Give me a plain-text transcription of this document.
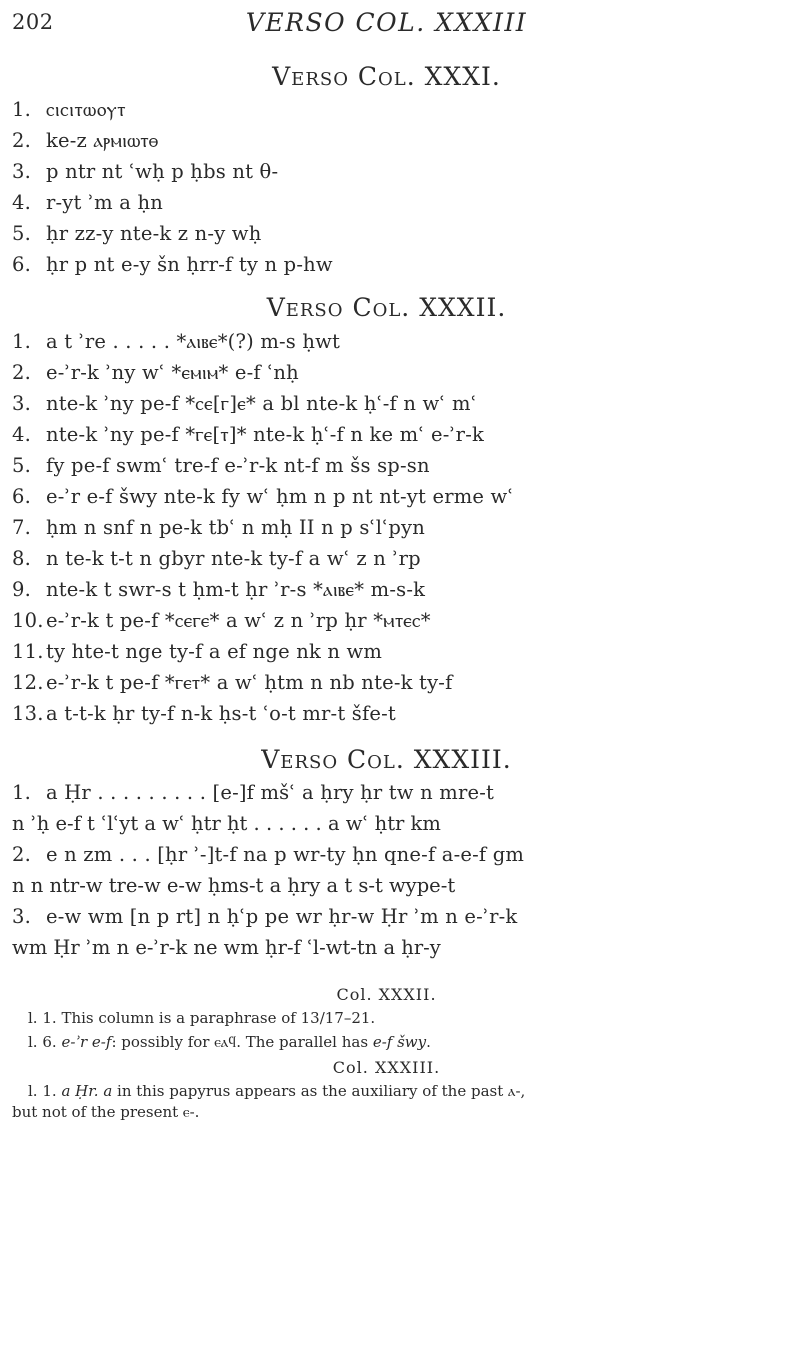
202	VERSO COL. XXXIII
Verso Col. XXXI.
1. ⲥⲓⲥⲓⲧⲱⲟⲩⲧ
2. ke-z ⲁⲣⲙⲓⲱⲧⲑ
3. p ntr nt ʿwḥ p ḥbs nt θ-
4. r-yt ʾm a ḥn
5. ḥr zz-y nte-k z n-y wḥ
6. ḥr p nt e-y šn ḥrr-f ty n p-hw
Verso Col. XXXII.
1. a t ʾre . . . . . *ⲁⲓⲃⲉ*(?) m-s ḥwt
2. e-ʾr-k ʾny wʿ *ⲉⲙⲓⲙ* e-f ʿnḥ
3. nte-k ʾny pe-f *ⲥⲉ[ⲅ]ⲉ* a bl nte-k ḥʿ-f n wʿ mʿ
4. nte-k ʾny pe-f *ⲅⲉ[ⲧ]* nte-k ḥʿ-f n ke mʿ e-ʾr-k
5. fy pe-f swmʿ tre-f e-ʾr-k nt-f m šs sp-sn
6. e-ʾr e-f šwy nte-k fy wʿ ḥm n p nt nt-yt erme wʿ
7. ḥm n snf n pe-k tbʿ n mḥ II n p sʿlʿpyn
8. n te-k t-t n gbyr nte-k ty-f a wʿ z n ʾrp
9. nte-k t swr-s t ḥm-t ḥr ʾr-s *ⲁⲓⲃⲉ* m-s-k
10. e-ʾr-k t pe-f *ⲥⲉⲅⲉ* a wʿ z n ʾrp ḥr *ⲙⲧⲉⲥ*
11. ty hte-t nge ty-f a ef nge nk n wm
12. e-ʾr-k t pe-f *ⲅⲉⲧ* a wʿ ḥtm n nb nte-k ty-f
13. a t-t-k ḥr ty-f n-k ḥs-t ʿo-t mr-t šfe-t
Verso Col. XXXIII.
1. a Ḥr . . . . . . . . . [e-]f mšʿ a ḥry ḥr tw n mre-t
n ʾḥ e-f t ʿlʿyt a wʿ ḥtr ḥt . . . . . . a wʿ ḥtr km
2. e n zm . . . [ḥr ʾ-]t-f na p wr-ty ḥn qne-f a-e-f gm
n n ntr-w tre-w e-w ḥms-t a ḥry a t s-t wype-t
3. e-w wm [n p rt] n ḥʿp pe wr ḥr-w Ḥr ʾm n e-ʾr-k
wm Ḥr ʾm n e-ʾr-k ne wm ḥr-f ʿl-wt-tn a ḥr-y
Col. XXXII.
l. 1. This column is a paraphrase of 13/17–21.
l. 6. e-ʾr e-f: possibly for ⲉⲁϥ. The parallel has e-f šwy.
Col. XXXIII.
l. 1. a Ḥr. a in this papyrus appears as the auxiliary of the past ⲁ-,
but not of the present ⲉ-.
